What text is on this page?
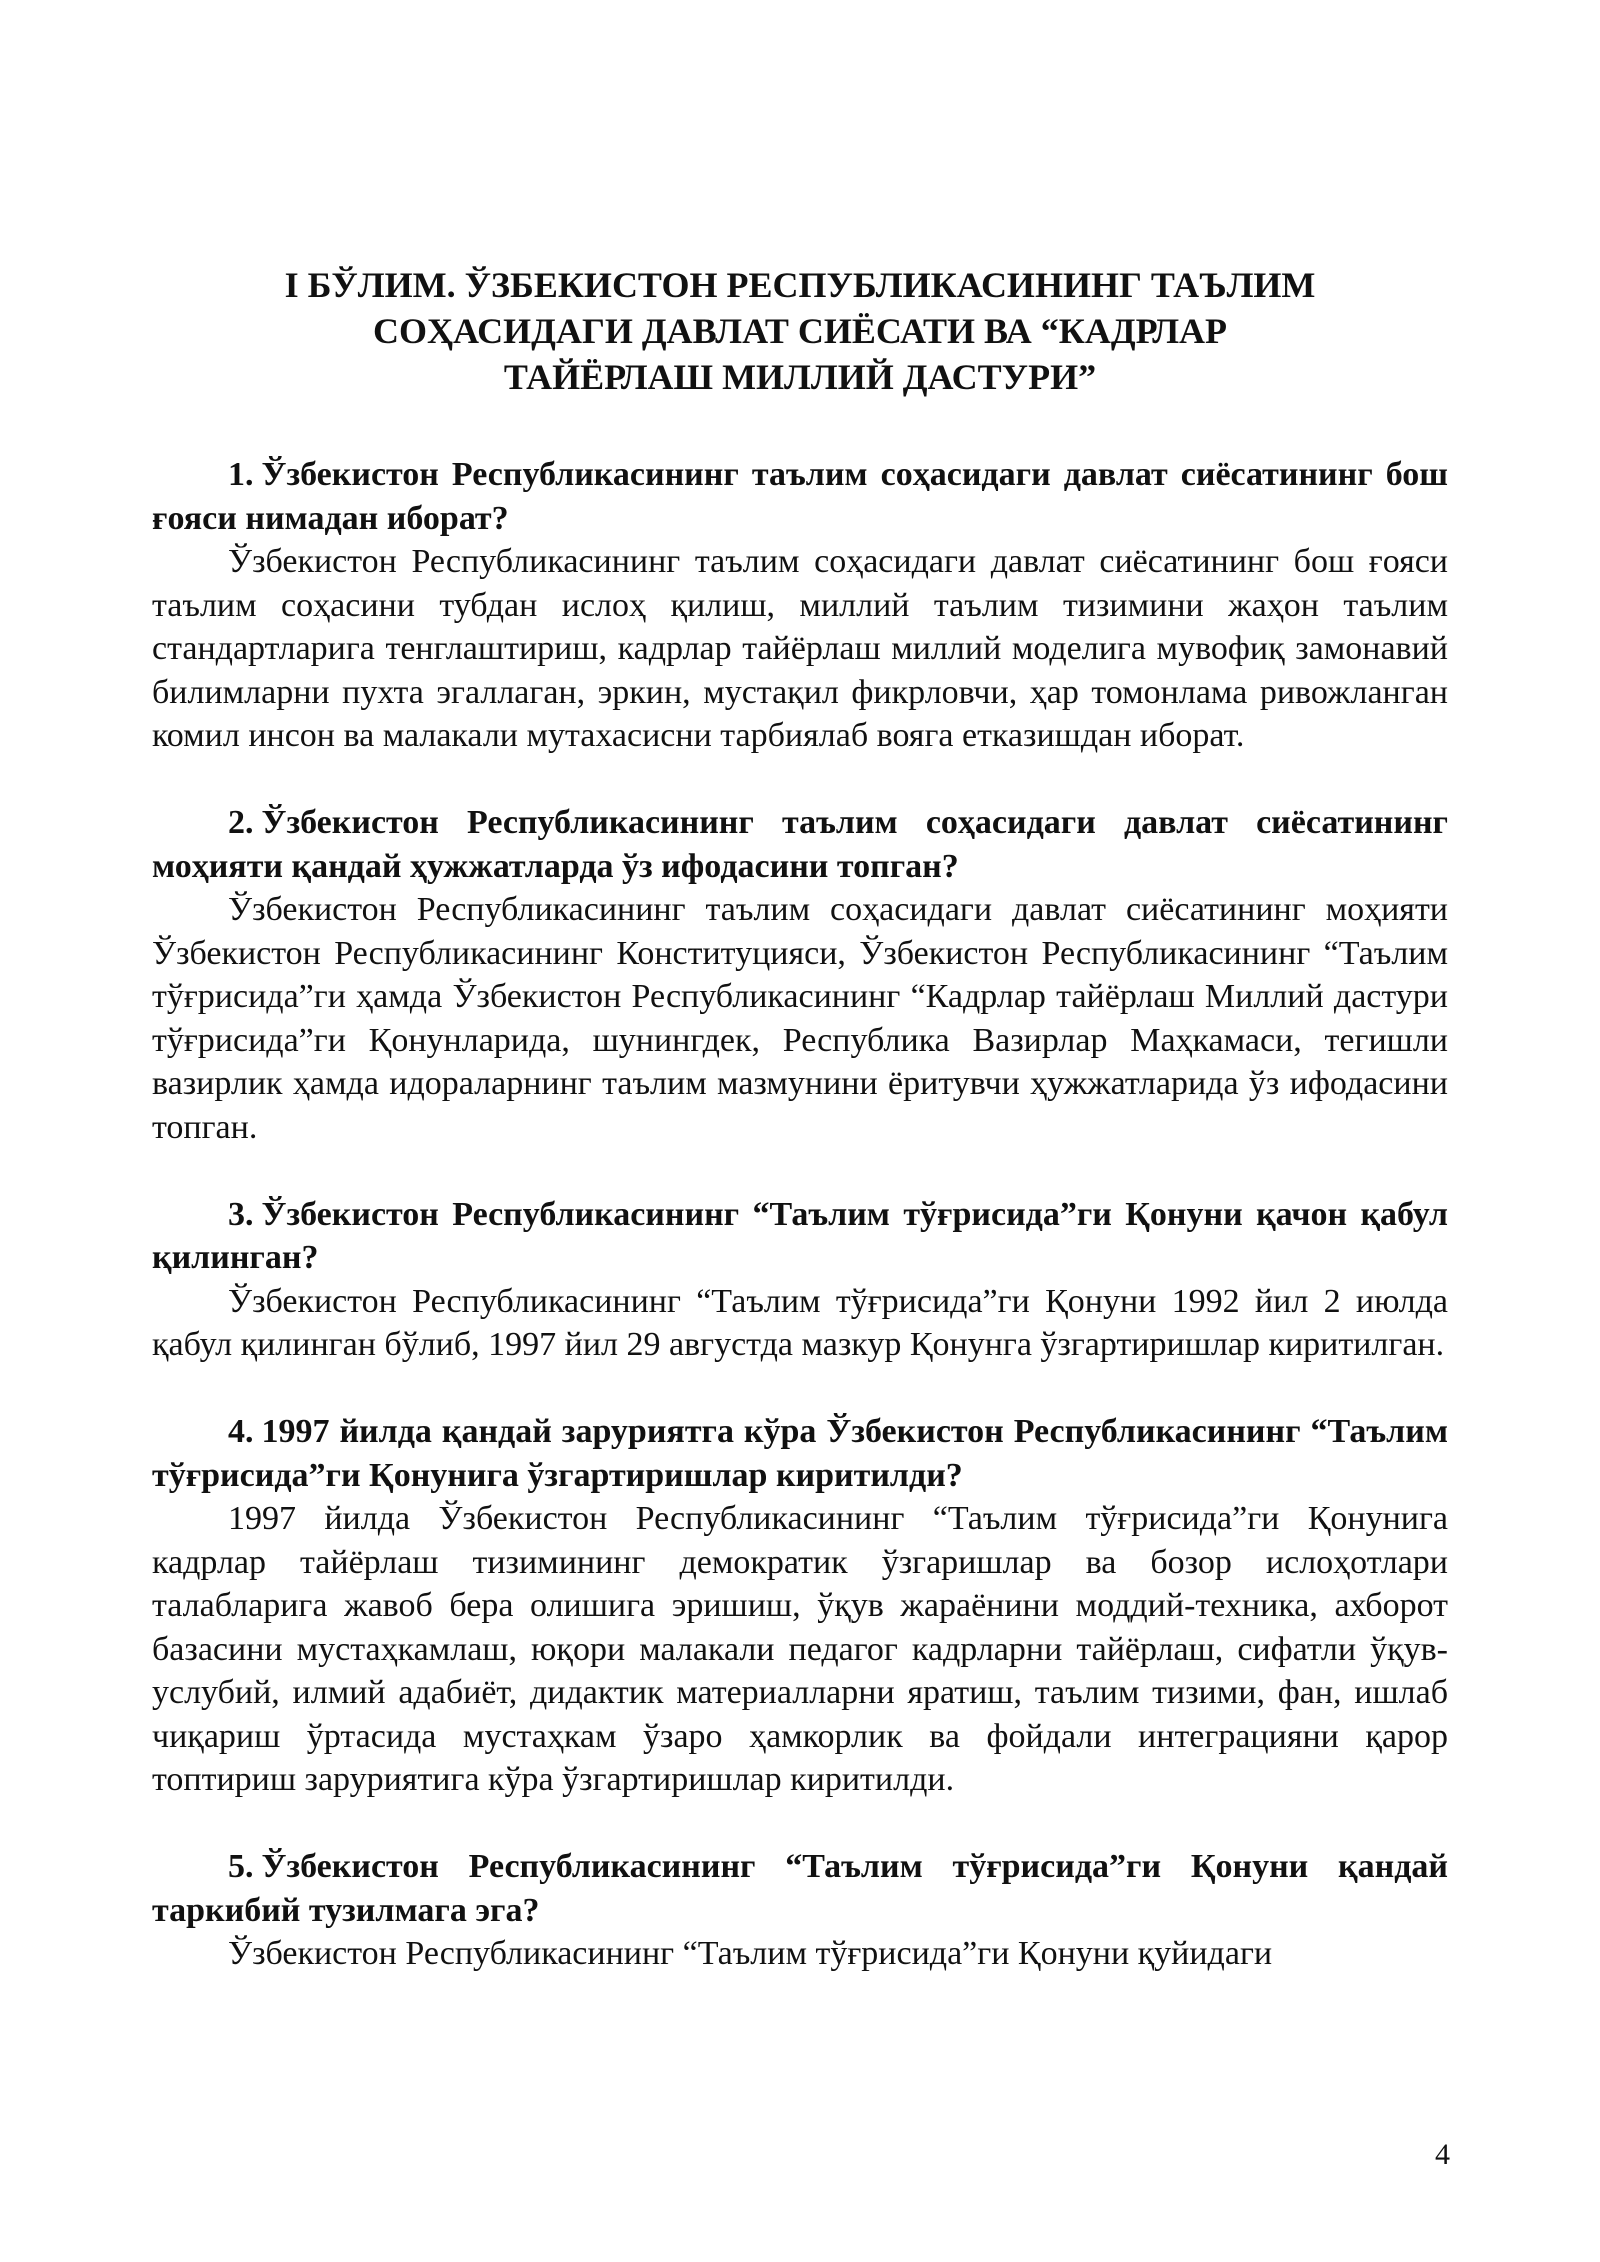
I БЎЛИМ. ЎЗБЕКИСТОН РЕСПУБЛИКАСИНИНГ ТАЪЛИМ
СОҲАСИДАГИ ДАВЛАТ СИЁСАТИ ВА “КАДРЛАР
ТАЙЁРЛАШ МИЛЛИЙ ДАСТУРИ”

1. Ўзбекистон Республикасининг таълим соҳасидаги давлат сиёсатининг бош ғояси нимадан иборат?

Ўзбекистон Республикасининг таълим соҳасидаги давлат сиёсатининг бош ғояси таълим соҳасини тубдан ислоҳ қилиш, миллий таълим тизимини жаҳон таълим стандартларига тенглаштириш, кадрлар тайёрлаш миллий моделига мувофиқ замонавий билимларни пухта эгаллаган, эркин, мустақил фикрловчи, ҳар томонлама ривожланган комил инсон ва малакали мутахасисни тарбиялаб вояга етказишдан иборат.

2. Ўзбекистон Республикасининг таълим соҳасидаги давлат сиёсатининг моҳияти қандай ҳужжатларда ўз ифодасини топган?

Ўзбекистон Республикасининг таълим соҳасидаги давлат сиёсатининг моҳияти Ўзбекистон Республикасининг Конституцияси, Ўзбекистон Республикасининг “Таълим тўғрисида”ги ҳамда Ўзбекистон Республикасининг “Кадрлар тайёрлаш Миллий дастури тўғрисида”ги Қонунларида, шунингдек, Республика Вазирлар Маҳкамаси, тегишли вазирлик ҳамда идораларнинг таълим мазмунини ёритувчи ҳужжатларида ўз ифодасини топган.

3. Ўзбекистон Республикасининг “Таълим тўғрисида”ги Қонуни қачон қабул қилинган?

Ўзбекистон Республикасининг “Таълим тўғрисида”ги Қонуни 1992 йил 2 июлда қабул қилинган бўлиб, 1997 йил 29 августда мазкур Қонунга ўзгартиришлар киритилган.

4. 1997 йилда қандай заруриятга кўра Ўзбекистон Республикасининг “Таълим тўғрисида”ги Қонунига ўзгартиришлар киритилди?

1997 йилда Ўзбекистон Республикасининг “Таълим тўғрисида”ги Қонунига кадрлар тайёрлаш тизимининг демократик ўзгаришлар ва бозор ислоҳотлари талабларига жавоб бера олишига эришиш, ўқув жараёнини моддий-техника, ахборот базасини мустаҳкамлаш, юқори малакали педагог кадрларни тайёрлаш, сифатли ўқув-услубий, илмий адабиёт, дидактик материалларни яратиш, таълим тизими, фан, ишлаб чиқариш ўртасида мустаҳкам ўзаро ҳамкорлик ва фойдали интеграцияни қарор топтириш заруриятига кўра ўзгартиришлар киритилди.

5. Ўзбекистон Республикасининг “Таълим тўғрисида”ги Қонуни қандай таркибий тузилмага эга?

Ўзбекистон Республикасининг “Таълим тўғрисида”ги Қонуни қуйидаги

4
